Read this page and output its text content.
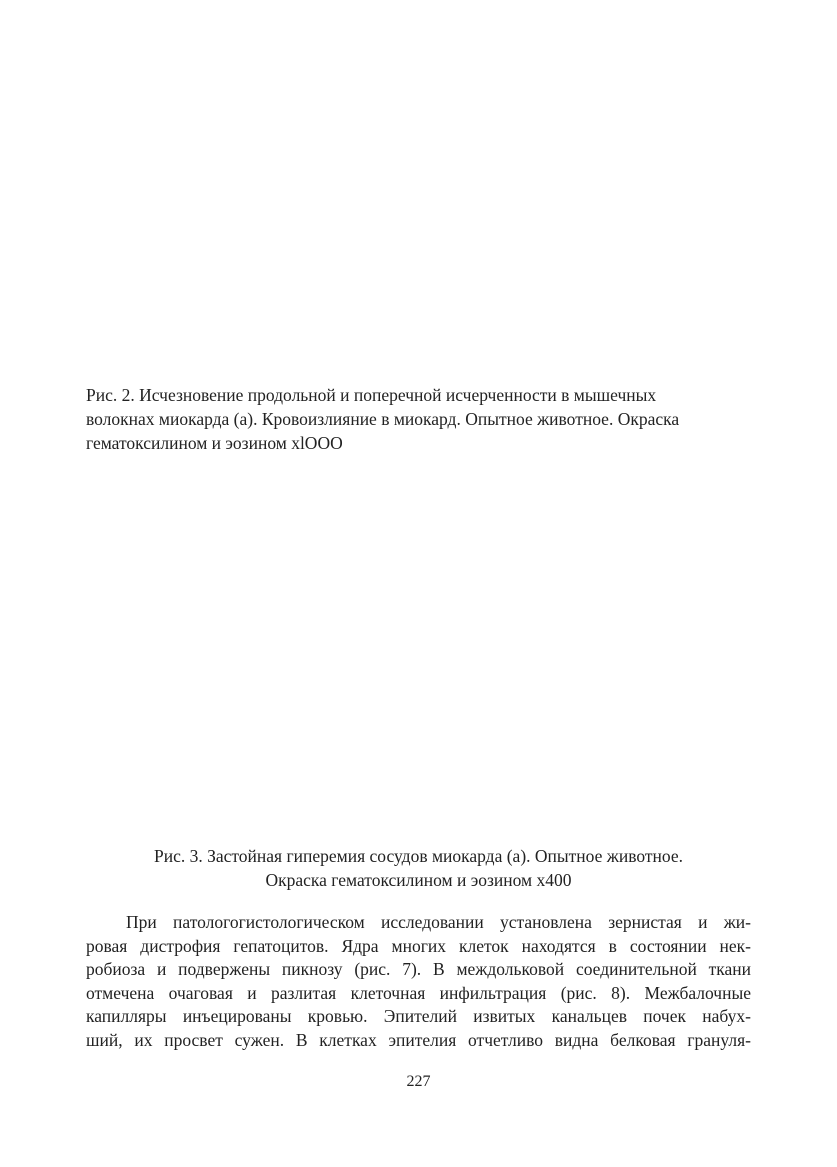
Рис. 2. Исчезновение продольной и поперечной исчерченности в мышечных
волокнах миокарда (а). Кровоизлияние в миокард. Опытное животное. Окраска
гематоксилином и эозином xlOOO

Рис. 3. Застойная гиперемия сосудов миокарда (а). Опытное животное.
Окраска гематоксилином и эозином x400

При патологогистологическом исследовании установлена зернистая и жи-
ровая дистрофия гепатоцитов. Ядра многих клеток находятся в состоянии нек-
робиоза и подвержены пикнозу (рис. 7). В междольковой соединительной ткани
отмечена очаговая и разлитая клеточная инфильтрация (рис. 8). Межбалочные
капилляры инъецированы кровью. Эпителий извитых канальцев почек набух-
ший, их просвет сужен. В клетках эпителия отчетливо видна белковая грануля-

227
